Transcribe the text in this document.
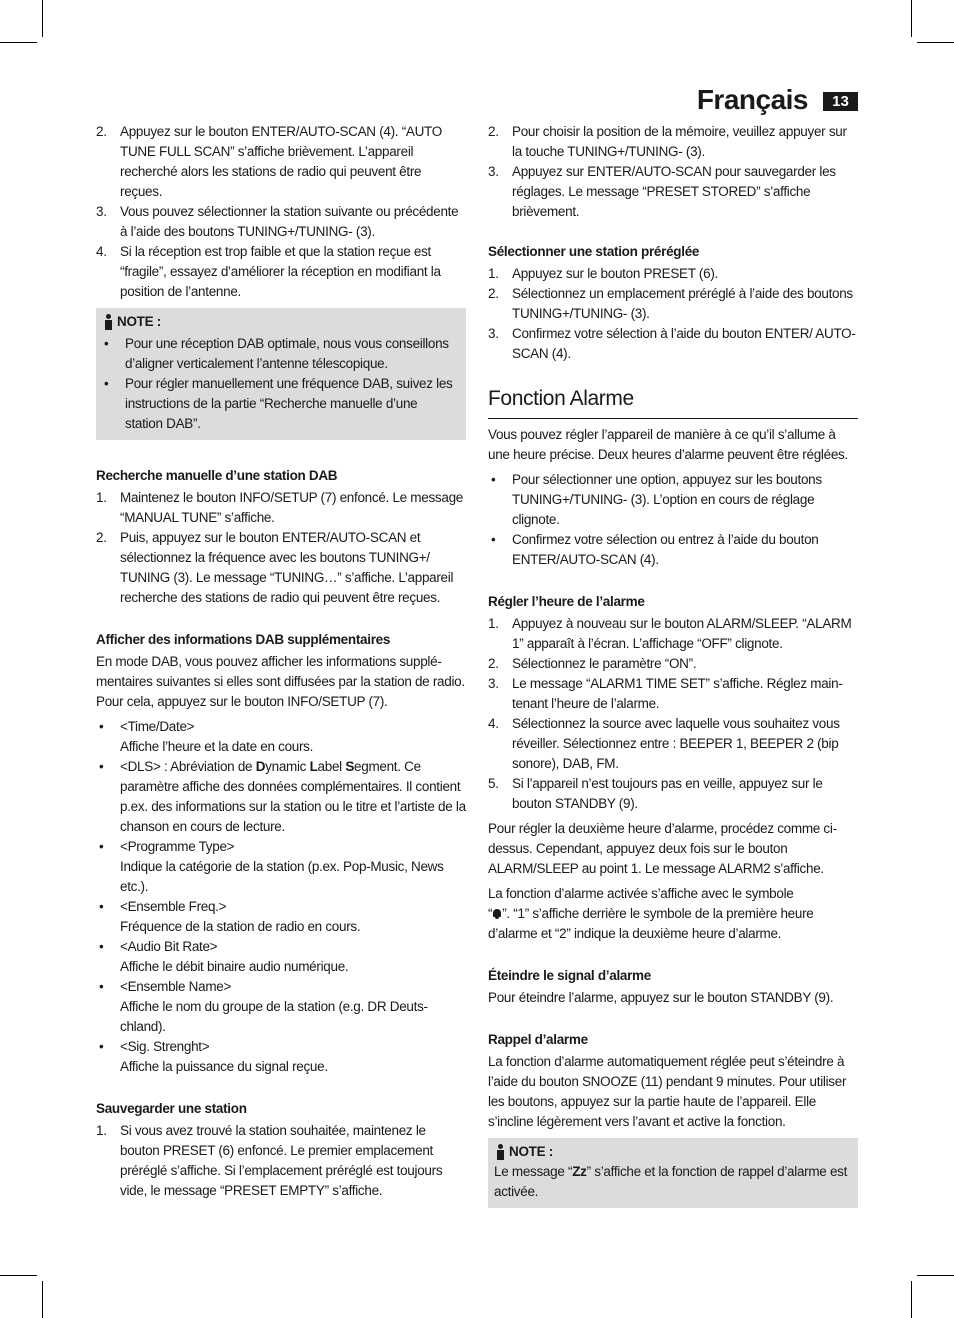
Français	13
2. Appuyez sur le bouton ENTER/AUTO-SCAN (4). “AUTO TUNE FULL SCAN” s’affiche brièvement. L’appareil recherché alors les stations de radio qui peuvent être reçues.
3. Vous pouvez sélectionner la station suivante ou précédente à l’aide des boutons TUNING+/TUNING- (3).
4. Si la réception est trop faible et que la station reçue est “fragile”, essayez d’améliorer la réception en modifiant la position de l’antenne.
NOTE :
• Pour une réception DAB optimale, nous vous conseillons d’aligner verticalement l’antenne télescopique.
• Pour régler manuellement une fréquence DAB, suivez les instructions de la partie “Recherche manuelle d’une station DAB”.
Recherche manuelle d’une station DAB
1. Maintenez le bouton INFO/SETUP (7) enfoncé. Le message “MANUAL TUNE” s’affiche.
2. Puis, appuyez sur le bouton ENTER/AUTO-SCAN et sélectionnez la fréquence avec les boutons TUNING+/ TUNING (3). Le message “TUNING…” s’affiche. L’appareil recherche des stations de radio qui peuvent être reçues.
Afficher des informations DAB supplémentaires

En mode DAB, vous pouvez afficher les informations supplémentaires suivantes si elles sont diffusées par la station de radio. Pour cela, appuyez sur le bouton INFO/SETUP (7).

• <Time/Date>
Affiche l’heure et la date en cours.
• <DLS> : Abréviation de Dynamic Label Segment. Ce paramètre affiche des données complémentaires. Il contient p.ex. des informations sur la station ou le titre et l’artiste de la chanson en cours de lecture.
• <Programme Type>
Indique la catégorie de la station (p.ex. Pop-Music, News etc.).
• <Ensemble Freq.>
Fréquence de la station de radio en cours.
• <Audio Bit Rate>
Affiche le débit binaire audio numérique.
• <Ensemble Name>
Affiche le nom du groupe de la station (e.g. DR Deutschland).
• <Sig. Strenght>
Affiche la puissance du signal reçue.
Sauvegarder une station
1. Si vous avez trouvé la station souhaitée, maintenez le bouton PRESET (6) enfoncé. Le premier emplacement préréglé s’affiche. Si l’emplacement préréglé est toujours vide, le message “PRESET EMPTY” s’affiche.
2. Pour choisir la position de la mémoire, veuillez appuyer sur la touche TUNING+/TUNING- (3).
3. Appuyez sur ENTER/AUTO-SCAN pour sauvegarder les réglages. Le message “PRESET STORED” s’affiche brièvement.
Sélectionner une station préréglée
1. Appuyez sur le bouton PRESET (6).
2. Sélectionnez un emplacement préréglé à l’aide des boutons TUNING+/TUNING- (3).
3. Confirmez votre sélection à l’aide du bouton ENTER/ AUTO-SCAN (4).
Fonction Alarme

Vous pouvez régler l’appareil de manière à ce qu’il s’allume à une heure précise. Deux heures d’alarme peuvent être réglées.

• Pour sélectionner une option, appuyez sur les boutons TUNING+/TUNING- (3). L’option en cours de réglage clignote.
• Confirmez votre sélection ou entrez à l’aide du bouton ENTER/AUTO-SCAN (4).
Régler l’heure de l’alarme
1. Appuyez à nouveau sur le bouton ALARM/SLEEP. “ALARM 1” apparaît à l’écran. L’affichage “OFF” clignote.
2. Sélectionnez le paramètre “ON”.
3. Le message “ALARM1 TIME SET” s’affiche. Réglez maintenant l’heure de l’alarme.
4. Sélectionnez la source avec laquelle vous souhaitez vous réveiller. Sélectionnez entre : BEEPER 1, BEEPER 2 (bip sonore), DAB, FM.
5. Si l’appareil n’est toujours pas en veille, appuyez sur le bouton STANDBY (9).

Pour régler la deuxième heure d’alarme, procédez comme ci-dessus. Cependant, appuyez deux fois sur le bouton ALARM/SLEEP au point 1. Le message ALARM2 s’affiche.

La fonction d’alarme activée s’affiche avec le symbole
“ ”. “1” s’affiche derrière le symbole de la première heure d’alarme et “2” indique la deuxième heure d’alarme.

Éteindre le signal d’alarme

Pour éteindre l’alarme, appuyez sur le bouton STANDBY (9).

Rappel d’alarme

La fonction d’alarme automatiquement réglée peut s’éteindre à l’aide du bouton SNOOZE (11) pendant 9 minutes. Pour utiliser les boutons, appuyez sur la partie haute de l’appareil. Elle s’incline légèrement vers l’avant et active la fonction.

NOTE :

Le message “Zz” s’affiche et la fonction de rappel d’alarme est activée.
